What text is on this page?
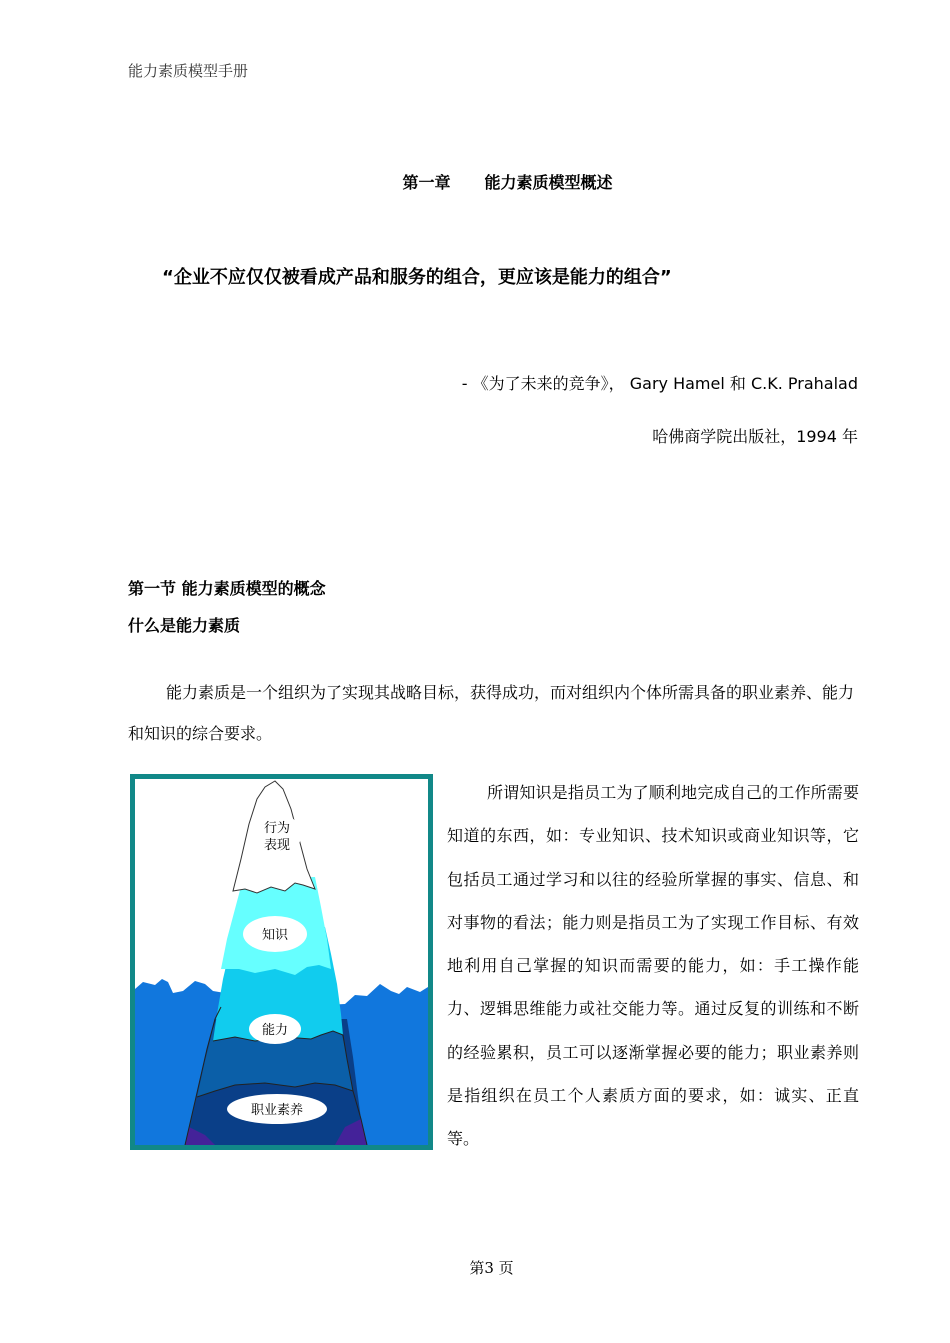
能力素质模型手册
第一章 能力素质模型概述
“企业不应仅仅被看成产品和服务的组合，更应该是能力的组合”
- 《为了未来的竞争》， Gary Hamel 和 C.K. Prahalad
哈佛商学院出版社，1994 年
第一节 能力素质模型的概念
什么是能力素质

能力素质是一个组织为了实现其战略目标，获得成功，而对组织内个体所需具备的职业素养、能力和知识的综合要求。

行为
表现
知识
能力
职业素养

所谓知识是指员工为了顺利地完成自己的工作所需要知道的东西，如：专业知识、技术知识或商业知识等，它包括员工通过学习和以往的经验所掌握的事实、信息、和对事物的看法；能力则是指员工为了实现工作目标、有效地利用自己掌握的知识而需要的能力，如：手工操作能力、逻辑思维能力或社交能力等。通过反复的训练和不断的经验累积，员工可以逐渐掌握必要的能力；职业素养则是指组织在员工个人素质方面的要求，如：诚实、正直等。

第3 页
